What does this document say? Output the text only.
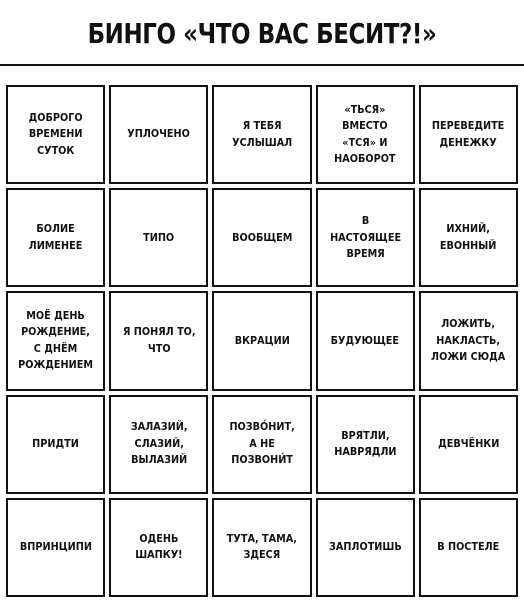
БИНГО «ЧТО ВАС БЕСИТ?!»
ДОБРОГО
ВРЕМЕНИ
СУТОК
УПЛОЧЕНО
Я ТЕБЯ
УСЛЫШАЛ
«ТЬСЯ»
ВМЕСТО
«ТСЯ» И
НАОБОРОТ
ПЕРЕВЕДИТЕ
ДЕНЕЖКУ
БОЛИЕ
ЛИМЕНЕЕ
ТИПО	ВООБЩЕМ
В НАСТОЯЩЕЕ
ВРЕМЯ
ИХНИЙ,
ЕВОННЫЙ
МОЁ ДЕНЬ
РОЖДЕНИЕ,
С ДНЁМ
РОЖДЕНИЕМ
Я ПОНЯЛ ТО,
ЧТО
ВКРАЦИИ	БУДУЮЩЕЕ
ЛОЖИТЬ,
НАКЛАСТЬ,
ЛОЖИ СЮДА
ПРИДТИ
ЗАЛАЗИЙ,
СЛАЗИЙ,
ВЫЛАЗИЙ
ПОЗВО́НИТ,
А НЕ
ПОЗВОНИ́Т
ВРЯТЛИ,
НАВРЯДЛИ
ДЕВЧЁНКИ
ВПРИНЦИПИ
ОДЕНЬ
ШАПКУ!
ТУТА, ТАМА,
ЗДЕСЯ
ЗАПЛОТИШЬ	В ПОСТЕЛЕ
